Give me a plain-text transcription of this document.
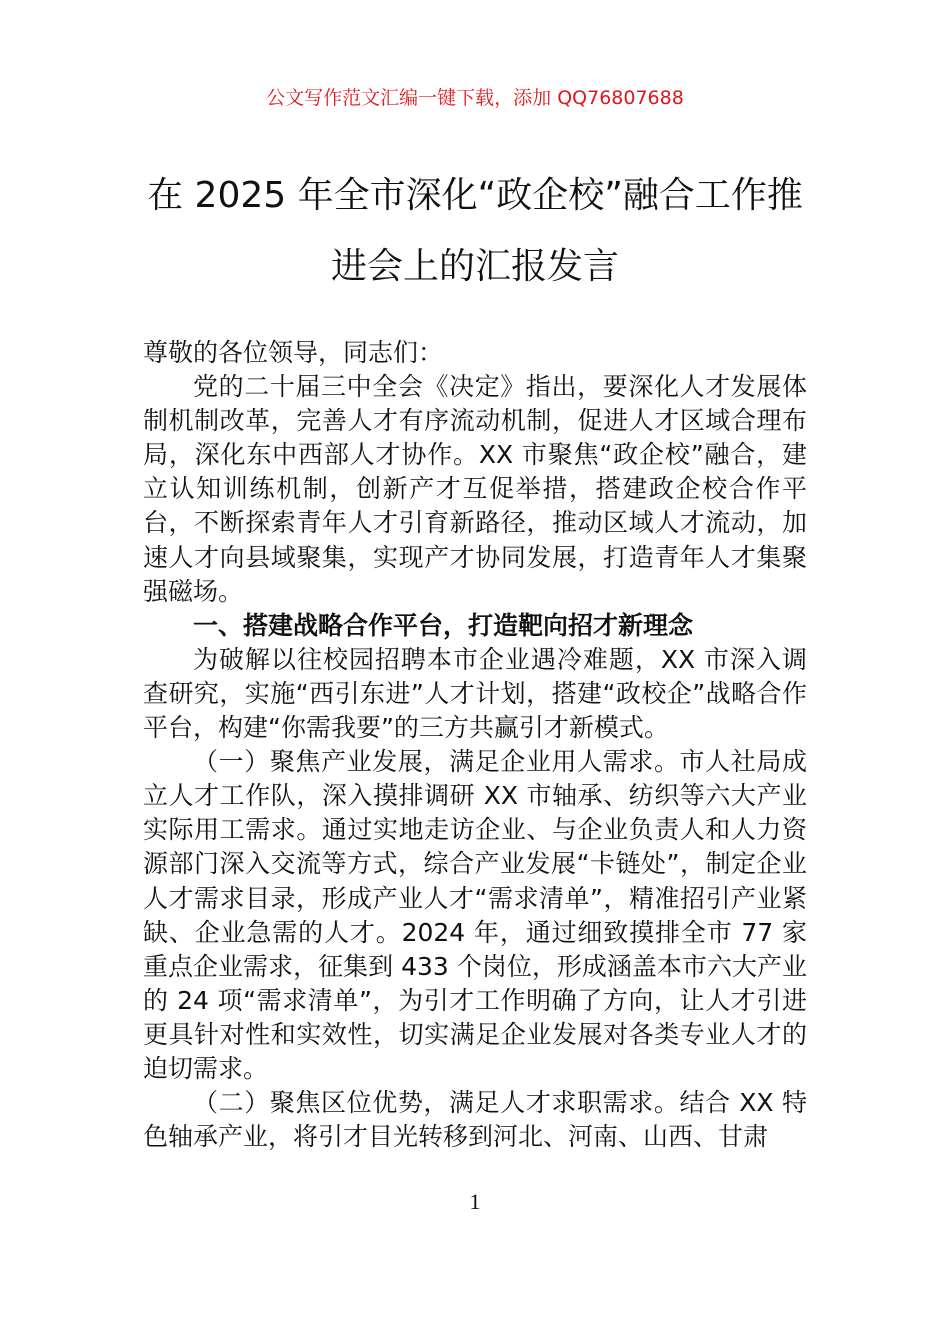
公文写作范文汇编一键下载，添加 QQ76807688
在 2025 年全市深化“政企校”融合工作推
进会上的汇报发言

尊敬的各位领导，同志们：

党的二十届三中全会《决定》指出，要深化人才发展体制机制改革，完善人才有序流动机制，促进人才区域合理布局，深化东中西部人才协作。XX 市聚焦“政企校”融合，建立认知训练机制，创新产才互促举措，搭建政企校合作平台，不断探索青年人才引育新路径，推动区域人才流动，加速人才向县域聚集，实现产才协同发展，打造青年人才集聚强磁场。

一、搭建战略合作平台，打造靶向招才新理念

为破解以往校园招聘本市企业遇冷难题，XX 市深入调查研究，实施“西引东进”人才计划，搭建“政校企”战略合作平台，构建“你需我要”的三方共赢引才新模式。

（一）聚焦产业发展，满足企业用人需求。市人社局成立人才工作队，深入摸排调研 XX 市轴承、纺织等六大产业实际用工需求。通过实地走访企业、与企业负责人和人力资源部门深入交流等方式，综合产业发展“卡链处”，制定企业人才需求目录，形成产业人才“需求清单”，精准招引产业紧缺、企业急需的人才。2024 年，通过细致摸排全市 77 家重点企业需求，征集到 433 个岗位，形成涵盖本市六大产业的 24 项“需求清单”，为引才工作明确了方向，让人才引进更具针对性和实效性，切实满足企业发展对各类专业人才的迫切需求。

（二）聚焦区位优势，满足人才求职需求。结合 XX 特色轴承产业，将引才目光转移到河北、河南、山西、甘肃

1
